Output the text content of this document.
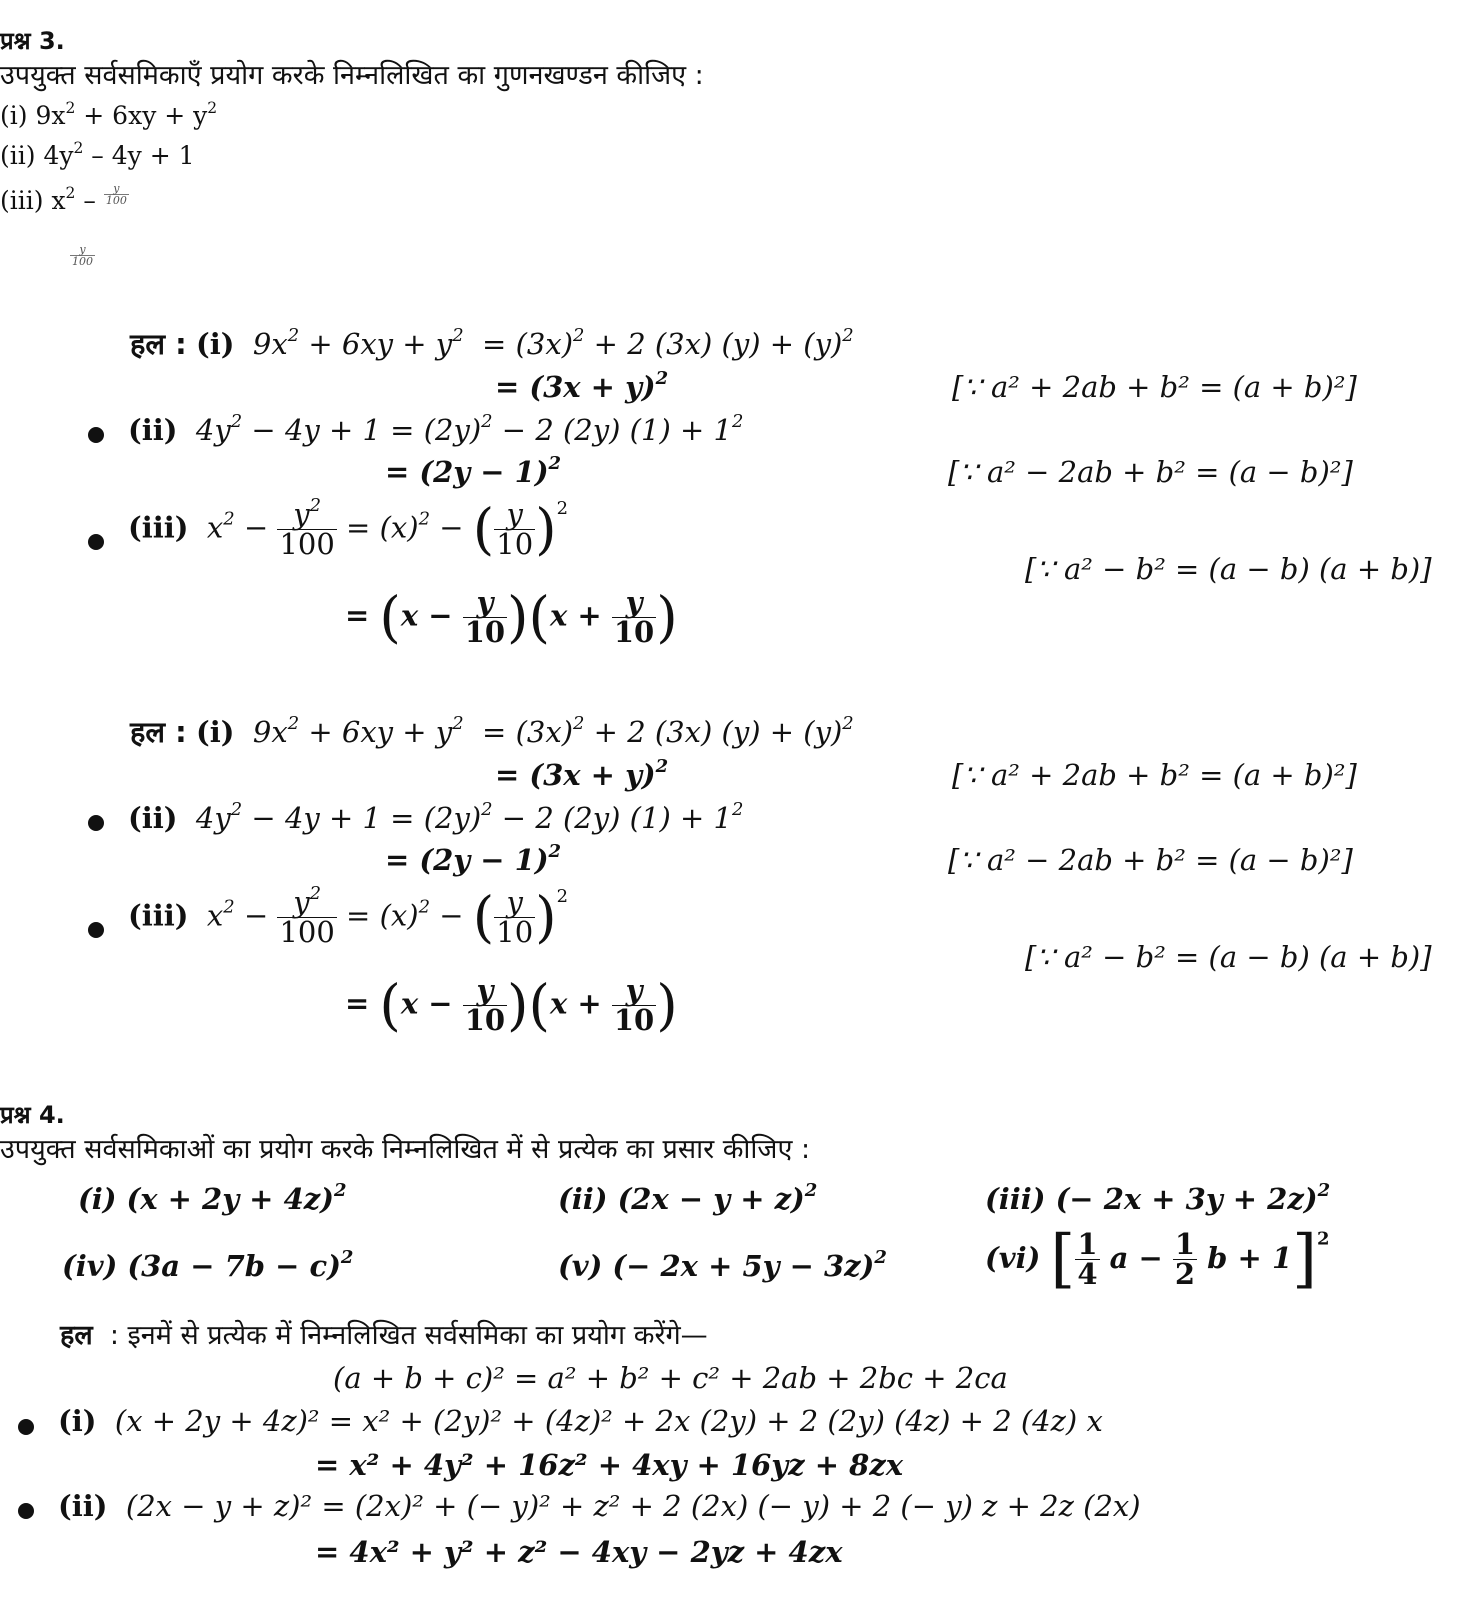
प्रश्न 3.
उपयुक्त सर्वसमिकाएँ प्रयोग करके निम्नलिखित का गुणनखण्डन कीजिए :
(i) $9x^2 + 6xy + y^2$
(ii) $4y^2 - 4y + 1$
(iii) $x^2 - \frac{y}{100}$
$\frac{y}{100}$
हल : (i)  $9x^2 + 6xy + y^2 = (3x)^2 + 2$ (3x) $(y) + (y)^2$
= $(3x + y)^2$	[∵ a² + 2ab + b² = (a + b)²]
(ii)  $4y^2 - 4y + 1 = (2y)^2 - 2$ (2y) $(1) + 1^2$
= $(2y - 1)^2$	[∵ a² − 2ab + b² = (a − b)²]
(iii)  $x^2 - \frac{y^2}{100} = (x)^2$ − ( $\frac{y}{10} )^2$
[∵ a² − b² = (a − b) (a + b)]
= $(x - \frac{y}{10} )(x + \frac{y}{10}$ )
हल : (i)  $9x^2 + 6xy + y^2 = (3x)^2 + 2$ (3x) $(y) + (y)^2$
= $(3x + y)^2$	[∵ a² + 2ab + b² = (a + b)²]
(ii)  $4y^2 - 4y + 1 = (2y)^2 - 2$ (2y) $(1) + 1^2$
= $(2y - 1)^2$	[∵ a² − 2ab + b² = (a − b)²]
(iii)  $x^2 - \frac{y^2}{100} = (x)^2$ − ( $\frac{y}{10} )^2$
[∵ a² − b² = (a − b) (a + b)]
= $(x - \frac{y}{10} )(x + \frac{y}{10}$ )
प्रश्न 4.
उपयुक्त सर्वसमिकाओं का प्रयोग करके निम्नलिखित में से प्रत्येक का प्रसार कीजिए :
(i) $(x + 2y + 4z)^2$	(ii) $(2x - y + z)^2$	(iii) (− 2x + 3y + 2z)$^2$
(iv) $(3a - 7b - c)^2$	(v) (− 2x + 5y − 3z)$^2$	(vi) [ $\frac{1}{4}$ $a - \frac{1}{2}$ b + 1]$^2$
हल : इनमें से प्रत्येक में निम्नलिखित सर्वसमिका का प्रयोग करेंगे—
(a + b + c)² = a² + b² + c² + 2ab + 2bc + 2ca
(i) (x + 2y + 4z)² = x² + (2y)² + (4z)² + 2x (2y) + 2 (2y) (4z) + 2 (4z) x
= x² + 4y² + 16z² + 4xy + 16yz + 8zx
(ii) (2x − y + z)² = (2x)² + (− y)² + z² + 2 (2x) (− y) + 2 (− y) z + 2z (2x)
= 4x² + y² + z² − 4xy − 2yz + 4zx
